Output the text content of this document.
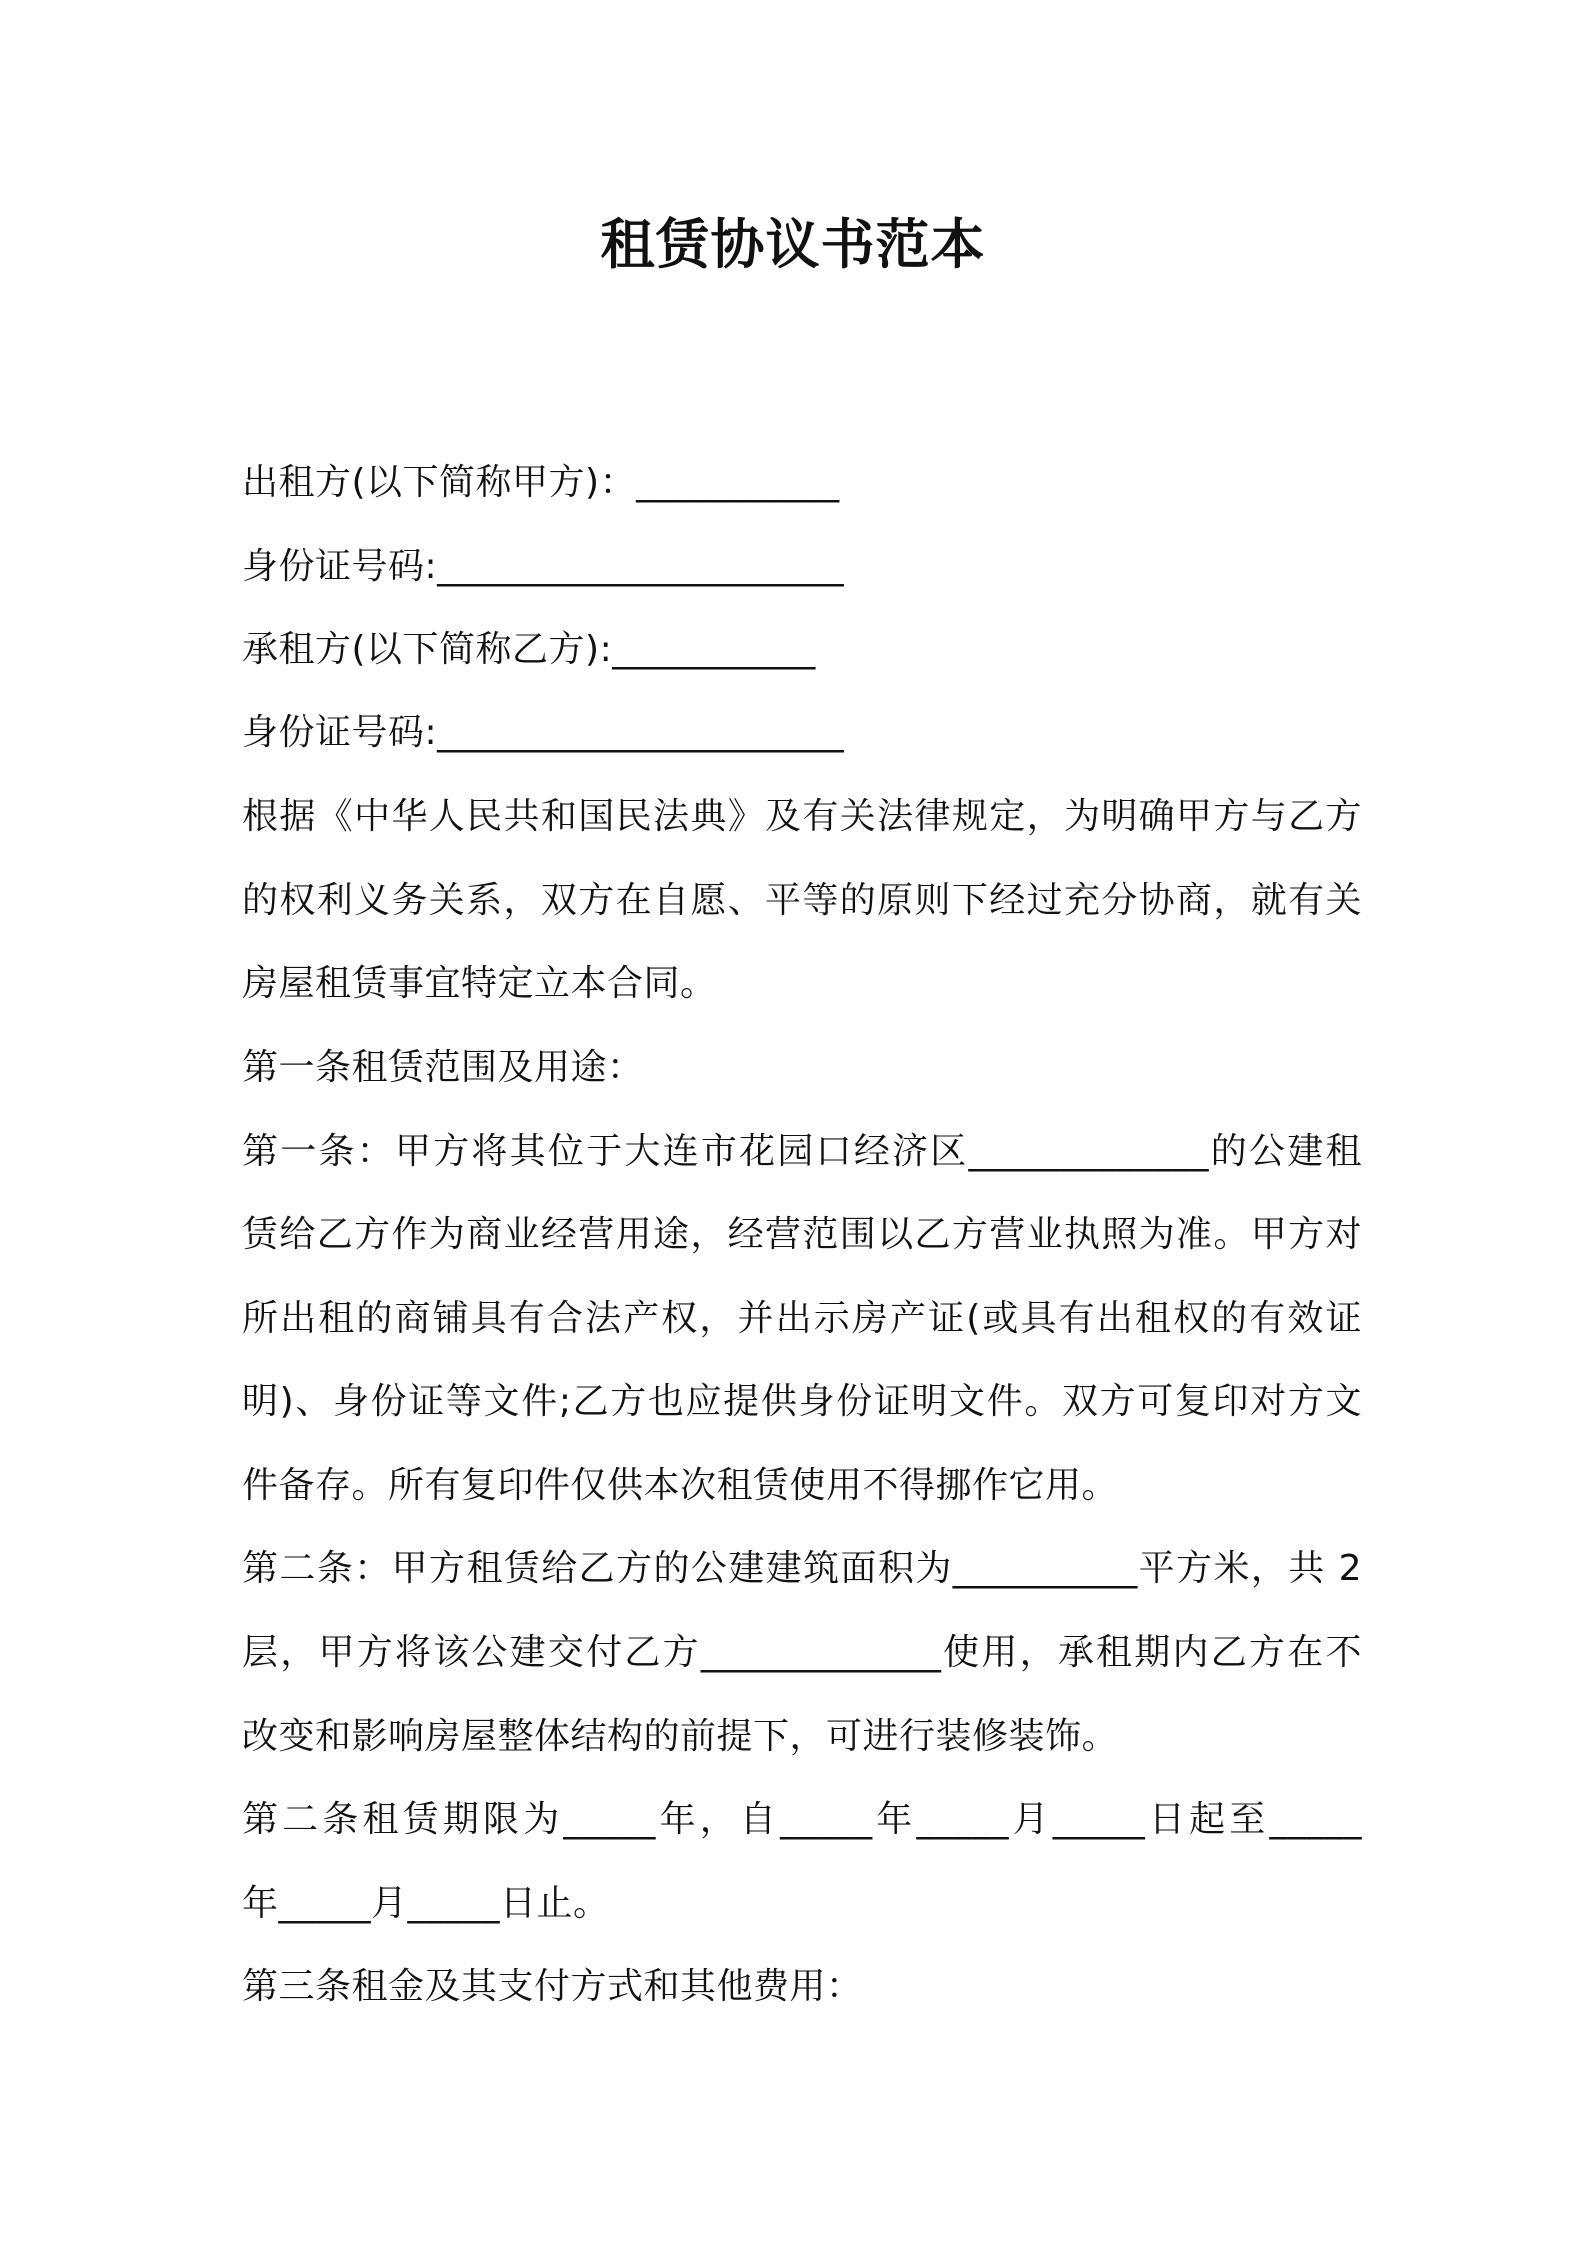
租赁协议书范本
出租方(以下简称甲方)：___________
身份证号码:______________________
承租方(以下简称乙方):___________
身份证号码:______________________
根据《中华人民共和国民法典》及有关法律规定，为明确甲方与乙方
的权利义务关系，双方在自愿、平等的原则下经过充分协商，就有关
房屋租赁事宜特定立本合同。
第一条租赁范围及用途：
第一条：甲方将其位于大连市花园口经济区_____________的公建租
赁给乙方作为商业经营用途，经营范围以乙方营业执照为准。甲方对
所出租的商铺具有合法产权，并出示房产证(或具有出租权的有效证
明)、身份证等文件;乙方也应提供身份证明文件。双方可复印对方文
件备存。所有复印件仅供本次租赁使用不得挪作它用。
第二条：甲方租赁给乙方的公建建筑面积为__________平方米，共 2
层，甲方将该公建交付乙方_____________使用，承租期内乙方在不
改变和影响房屋整体结构的前提下，可进行装修装饰。
第二条租赁期限为_____年，自_____年_____月_____日起至_____
年_____月_____日止。
第三条租金及其支付方式和其他费用：
